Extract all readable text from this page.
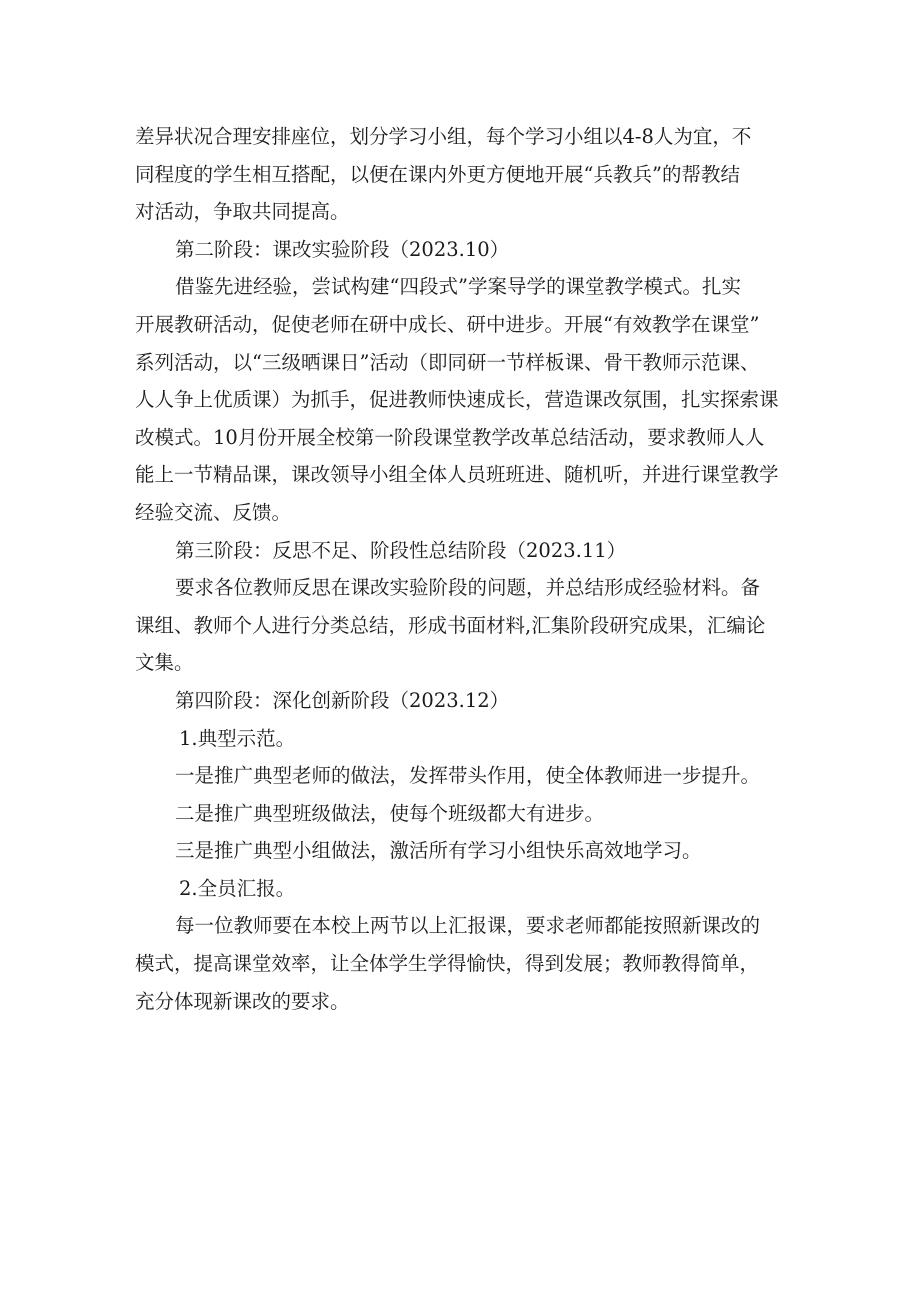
差异状况合理安排座位，划分学习小组，每个学习小组以4-8人为宜，不
同程度的学生相互搭配，以便在课内外更方便地开展“兵教兵”的帮教结
对活动，争取共同提高。
第二阶段：课改实验阶段（2023.10）
借鉴先进经验，尝试构建“四段式”学案导学的课堂教学模式。扎实
开展教研活动，促使老师在研中成长、研中进步。开展“有效教学在课堂”
系列活动，以“三级晒课日”活动（即同研一节样板课、骨干教师示范课、
人人争上优质课）为抓手，促进教师快速成长，营造课改氛围，扎实探索课
改模式。10月份开展全校第一阶段课堂教学改革总结活动，要求教师人人
能上一节精品课，课改领导小组全体人员班班进、随机听，并进行课堂教学
经验交流、反馈。
第三阶段：反思不足、阶段性总结阶段（2023.11）
要求各位教师反思在课改实验阶段的问题，并总结形成经验材料。备
课组、教师个人进行分类总结，形成书面材料,汇集阶段研究成果，汇编论
文集。
第四阶段：深化创新阶段（2023.12）
1.典型示范。
一是推广典型老师的做法，发挥带头作用，使全体教师进一步提升。
二是推广典型班级做法，使每个班级都大有进步。
三是推广典型小组做法，激活所有学习小组快乐高效地学习。
2.全员汇报。
每一位教师要在本校上两节以上汇报课，要求老师都能按照新课改的
模式，提高课堂效率，让全体学生学得愉快，得到发展；教师教得简单，
充分体现新课改的要求。
